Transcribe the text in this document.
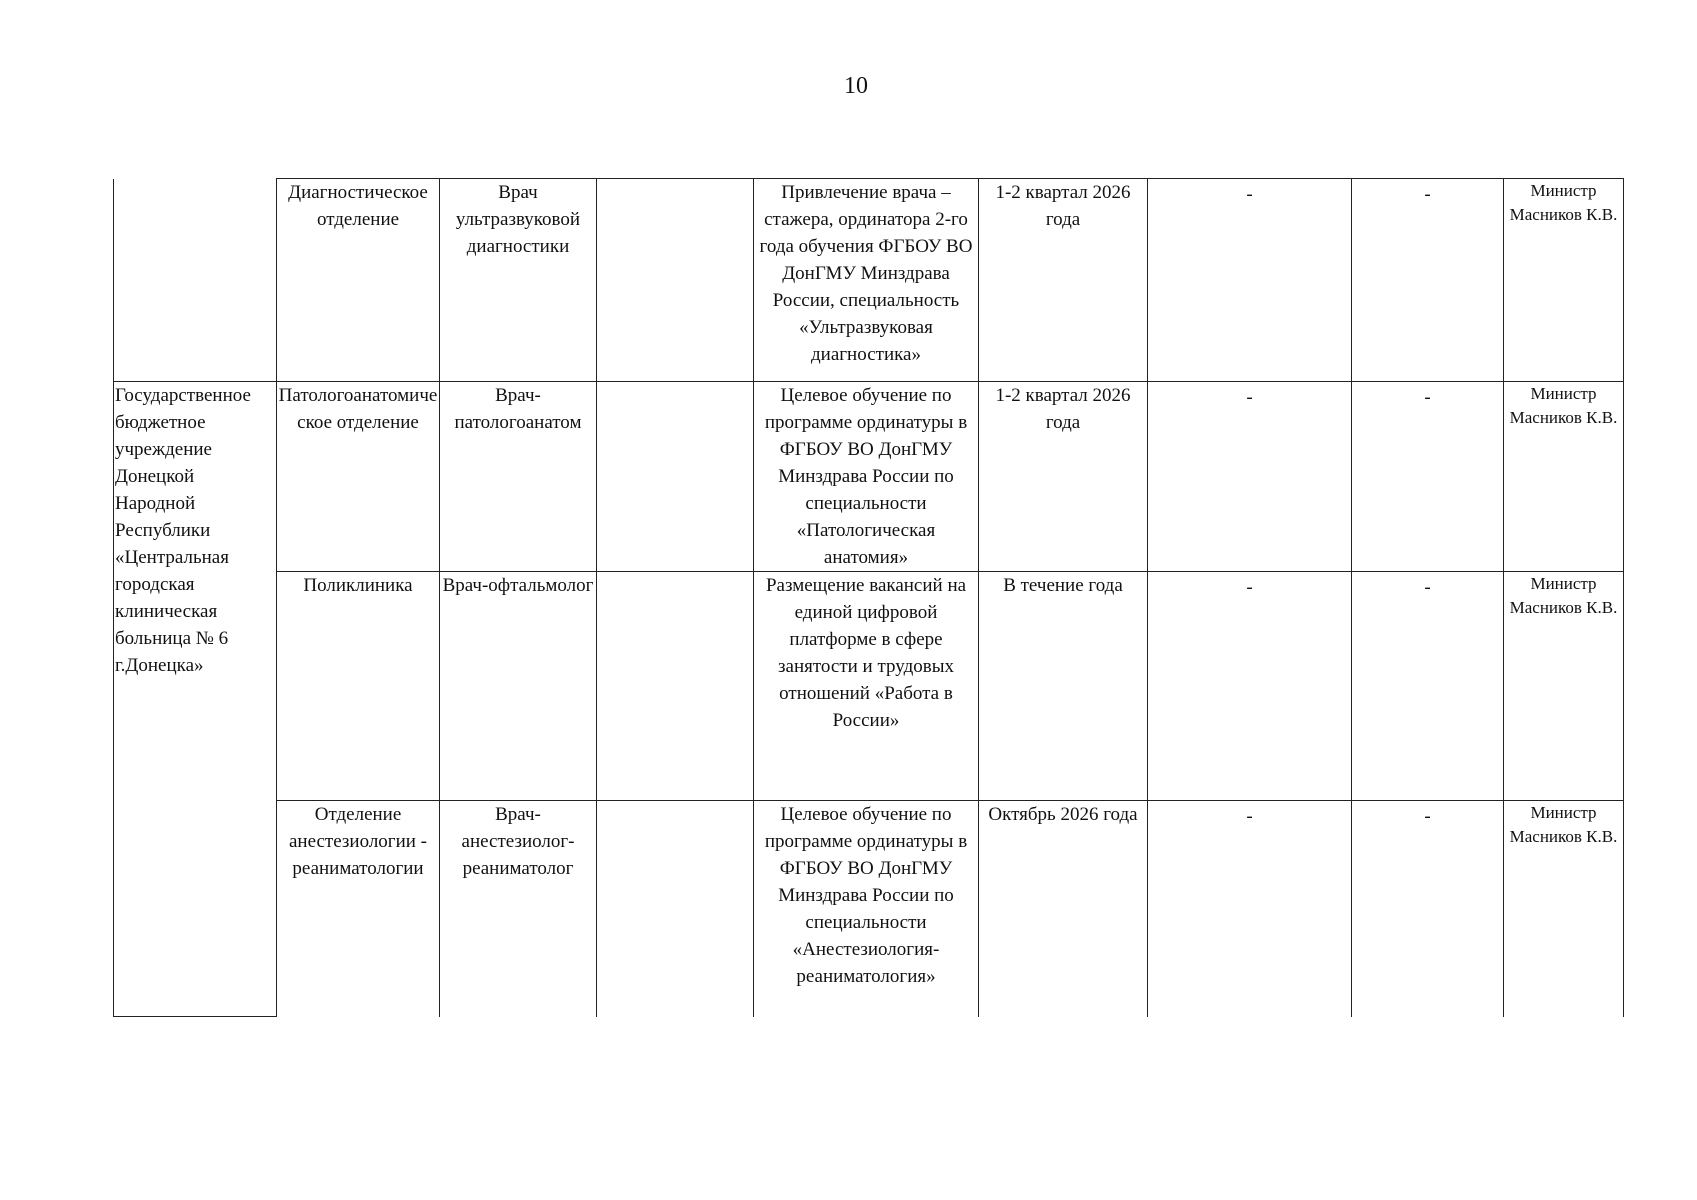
10
	Диагностическое отделение	Врач ультразвуковой диагностики		Привлечение врача – стажера, ординатора 2-го года обучения ФГБОУ ВО ДонГМУ Минздрава России, специальность «Ультразвуковая диагностика»	1-2 квартал 2026 года	-	-	Министр Масников К.В.
Государственное бюджетное учреждение Донецкой Народной Республики «Центральная городская клиническая больница № 6 г.Донецка»	Патологоанатомическое отделение	Врач-патологоанатом		Целевое обучение по программе ординатуры в ФГБОУ ВО ДонГМУ Минздрава России по специальности «Патологическая анатомия»	1-2 квартал 2026 года	-	-	Министр Масников К.В.
	Поликлиника	Врач-офтальмолог		Размещение вакансий на единой цифровой платформе в сфере занятости и трудовых отношений «Работа в России»	В течение года	-	-	Министр Масников К.В.
	Отделение анестезиологии - реаниматологии	Врач-анестезиолог-реаниматолог		Целевое обучение по программе ординатуры в ФГБОУ ВО ДонГМУ Минздрава России по специальности «Анестезиология-реаниматология»	Октябрь 2026 года	-	-	Министр Масников К.В.
